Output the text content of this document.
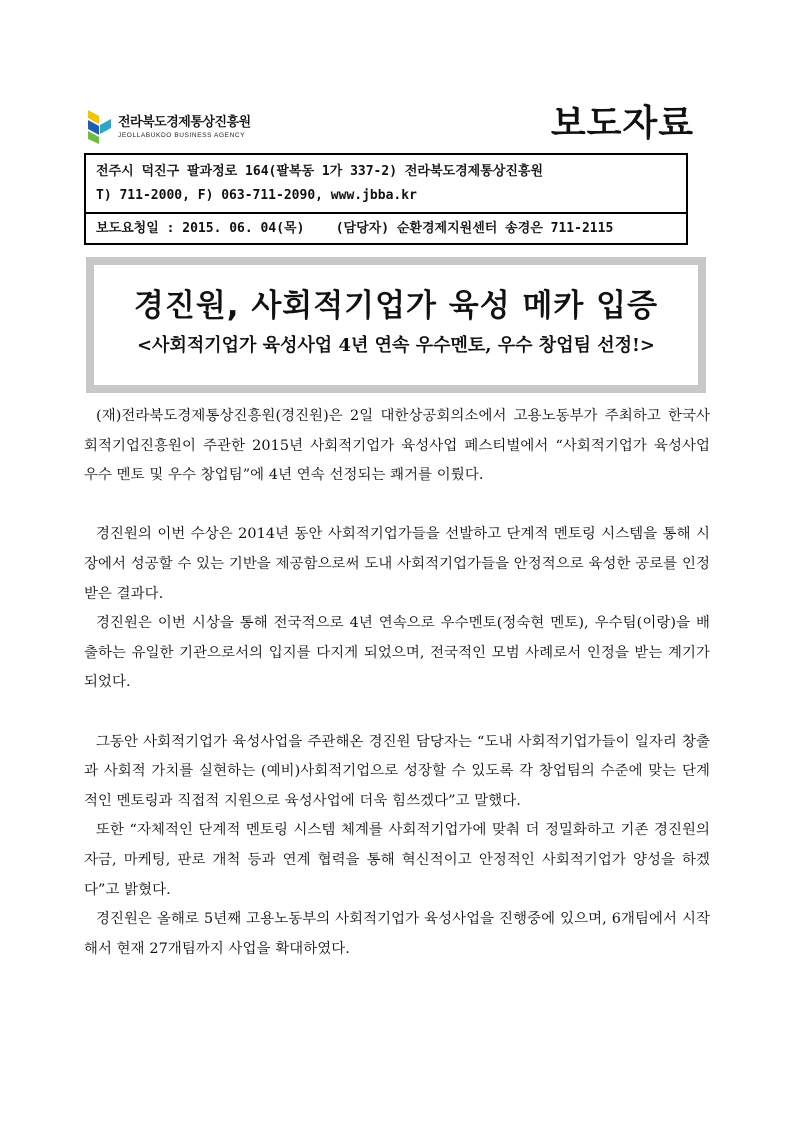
전라북도경제통상진흥원
JEOLLABUKDO BUSINESS AGENCY	보도자료
전주시 덕진구 팔과정로 164(팔복동 1가 337-2) 전라북도경제통상진흥원
T) 711-2000, F) 063-711-2090, www.jbba.kr
보도요청일 : 2015. 06. 04(목)    (담당자) 순환경제지원센터 송경은 711-2115
경진원, 사회적기업가 육성 메카 입증
<사회적기업가 육성사업 4년 연속 우수멘토, 우수 창업팀 선정!>

(재)전라북도경제통상진흥원(경진원)은 2일 대한상공회의소에서 고용노동부가 주최하고 한국사회적기업진흥원이 주관한 2015년 사회적기업가 육성사업 페스티벌에서 “사회적기업가 육성사업 우수 멘토 및 우수 창업팀”에 4년 연속 선정되는 쾌거를 이뤘다.

경진원의 이번 수상은 2014년 동안 사회적기업가들을 선발하고 단계적 멘토링 시스템을 통해 시장에서 성공할 수 있는 기반을 제공함으로써 도내 사회적기업가들을 안정적으로 육성한 공로를 인정받은 결과다.

경진원은 이번 시상을 통해 전국적으로 4년 연속으로 우수멘토(정숙현 멘토), 우수팀(이랑)을 배출하는 유일한 기관으로서의 입지를 다지게 되었으며, 전국적인 모범 사례로서 인정을 받는 계기가 되었다.

그동안 사회적기업가 육성사업을 주관해온 경진원 담당자는 “도내 사회적기업가들이 일자리 창출과 사회적 가치를 실현하는 (예비)사회적기업으로 성장할 수 있도록 각 창업팀의 수준에 맞는 단계적인 멘토링과 직접적 지원으로 육성사업에 더욱 힘쓰겠다”고 말했다.

또한 “자체적인 단계적 멘토링 시스템 체계를 사회적기업가에 맞춰 더 정밀화하고 기존 경진원의 자금, 마케팅, 판로 개척 등과 연계 협력을 통해 혁신적이고 안정적인 사회적기업가 양성을 하겠다”고 밝혔다.

경진원은 올해로 5년째 고용노동부의 사회적기업가 육성사업을 진행중에 있으며, 6개팀에서 시작해서 현재 27개팀까지 사업을 확대하였다.
